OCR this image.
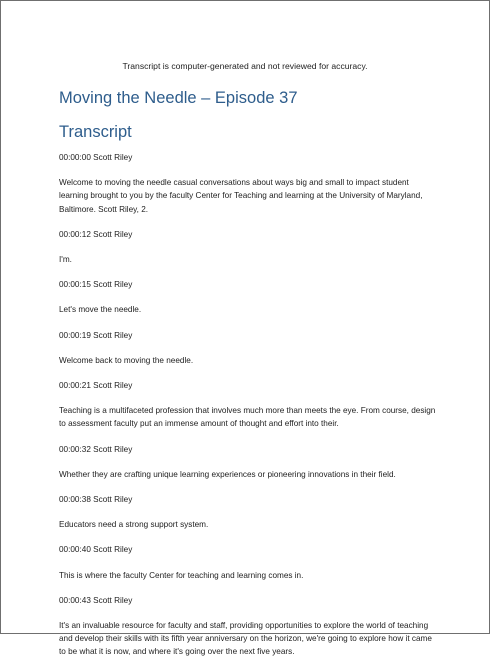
Transcript is computer-generated and not reviewed for accuracy.
Moving the Needle – Episode 37
Transcript

00:00:00 Scott Riley

Welcome to moving the needle casual conversations about ways big and small to impact student learning brought to you by the faculty Center for Teaching and learning at the University of Maryland, Baltimore. Scott Riley, 2.

00:00:12 Scott Riley

I'm.

00:00:15 Scott Riley

Let's move the needle.

00:00:19 Scott Riley

Welcome back to moving the needle.

00:00:21 Scott Riley

Teaching is a multifaceted profession that involves much more than meets the eye. From course, design to assessment faculty put an immense amount of thought and effort into their.

00:00:32 Scott Riley

Whether they are crafting unique learning experiences or pioneering innovations in their field.

00:00:38 Scott Riley

Educators need a strong support system.

00:00:40 Scott Riley

This is where the faculty Center for teaching and learning comes in.

00:00:43 Scott Riley

It's an invaluable resource for faculty and staff, providing opportunities to explore the world of teaching and develop their skills with its fifth year anniversary on the horizon, we're going to explore how it came to be what it is now, and where it's going over the next five years.
